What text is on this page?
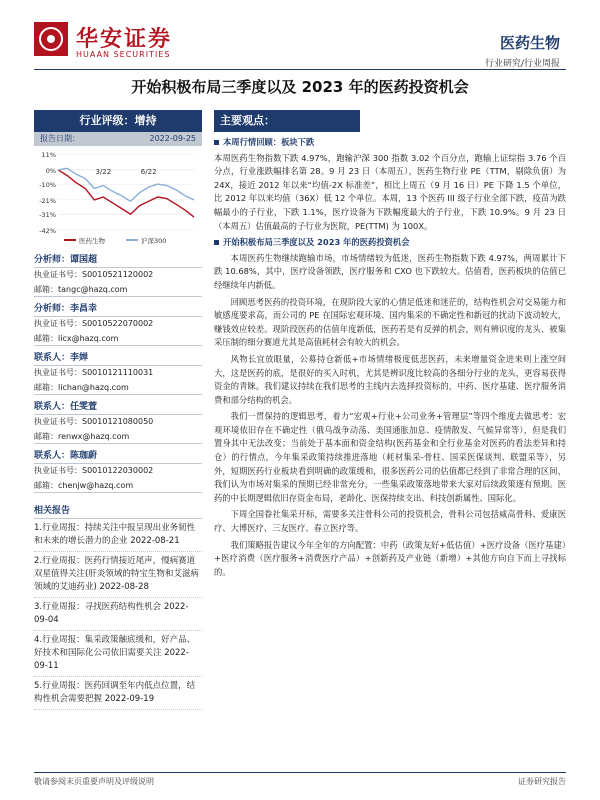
华安证券
HUAAN SECURITIES
医药生物
行业研究/行业周报
开始积极布局三季度以及 2023 年的医药投资机会
行业评级：增持
报告日期：	2022-09-25
11%
0%
-10%
-21%
-31%
-42%
3/22	6/22
医药生物	沪深300
分析师：谭国超
执业证书号：S0010521120002
邮箱：tangc@hazq.com
分析师：李昌幸
执业证书号：S0010522070002
邮箱：licx@hazq.com
联系人：李婵
执业证书号：S0010121110031
邮箱：lichan@hazq.com
联系人：任雯萱
执业证书号：S0010121080050
邮箱：renwx@hazq.com
联系人：陈珈蔚
执业证书号：S0010122030002
邮箱：chenjw@hazq.com
相关报告
1.行业周报：持续关注中报呈现出业务韧性和未来的增长潜力的企业 2022-08-21
2.行业周报：医药行情接近尾声，慢病赛道双星值得关注(肝炎领域的特宝生物和艾滋病领域的艾迪药业) 2022-08-28
3.行业周报：寻找医药结构性机会 2022-09-04
4.行业周报：集采政策触底缓和，好产品、好技术和国际化公司依旧需要关注 2022-09-11
5.行业周报：医药回调至年内低点位置，结构性机会需要把握 2022-09-19
主要观点：
本周行情回顾：板块下跌
本周医药生物指数下跌 4.97%，跑输沪深 300 指数 3.02 个百分点，跑输上证综指 3.76 个百分点，行业涨跌幅排名第 28。9 月 23 日（本周五），医药生物行业 PE（TTM，剔除负值）为 24X，接近 2012 年以来“均值-2X 标准差”，相比上周五（9 月 16 日）PE 下降 1.5 个单位，比 2012 年以来均值（36X）低 12 个单位。本周，13 个医药 III 级子行业全部下跌，疫苗为跌幅最小的子行业，下跌 1.1%，医疗设备为下跌幅度最大的子行业，下跌 10.9%。9 月 23 日（本周五）估值最高的子行业为医院，PE(TTM) 为 100X。
开始积极布局三季度以及 2023 年的医药投资机会
本周医药生物继续跑输市场，市场情绪较为低迷，医药生物指数下跌 4.97%，两周累计下跌 10.68%，其中，医疗设备领跌，医疗服务和 CXO 也下跌较大。估值看，医药板块的估值已经继续年内新低。
回顾思考医药的投资环境，在现阶段大家的心情足低迷和迷茫的，结构性机会对交易能力和敏感度要求高，而公司的 PE 在国际宏观环境、国内集采的不确定性和新冠的扰动下波动较大，赚钱效应较差。现阶段医药的估值年度新低，医药若是有反弹的机会，则有辨识度的龙头、被集采压制的细分赛道尤其是高值耗材会有较大的机会。
风物长宜放眼量，公募持仓新低+市场情绪极度低悲医药，未来增量资金进来则上涨空间大，这是医药的底，是很好的买入时机，尤其是辨识度比较高的各细分行业的龙头，更容易获得资金的青睐。我们建议持续在我们思考的主线内去选择投资标的，中药、医疗基建、医疗服务消费和部分结构的机会。
我们一贯保持的逻辑思考，着力“宏观+行业+公司业务+管理层”等四个维度去做思考：宏观环境依旧存在不确定性（俄乌战争动荡、美国通胀加息、疫情散发、气候异常等），但是我们置身其中无法改变；当前处于基本面和资金结构(医药基金和全行业基金对医药的看法差异和持仓）的行情点，今年集采政策持续推进落地（耗材集采-骨柱、国采医保谈判、联盟采等），另外，短期医药行业板块看到明确的政策缓和，很多医药公司的估值都已经到了非常合理的区间，我们认为市场对集采的预期已经非常充分，一些集采政策落地带来大家对后续政策逐有预期。医药的中长期逻辑依旧存资金布局，老龄化、医保持续支出、科技创新属性、国际化。
下周全国眷社集采开标，需要多关注骨科公司的投资机会，骨科公司包括威高骨科、爱康医疗、大博医疗、三友医疗、春立医疗等。
我们策略报告建议今年全年的方向配置：中药（政策友好+低估值）+医疗设备（医疗基建）+医疗消费（医疗服务+消费医疗产品）+创新药及产业链（新增）+其他方向自下而上寻找标的。
敬请参阅末页重要声明及评级说明	证券研究报告
